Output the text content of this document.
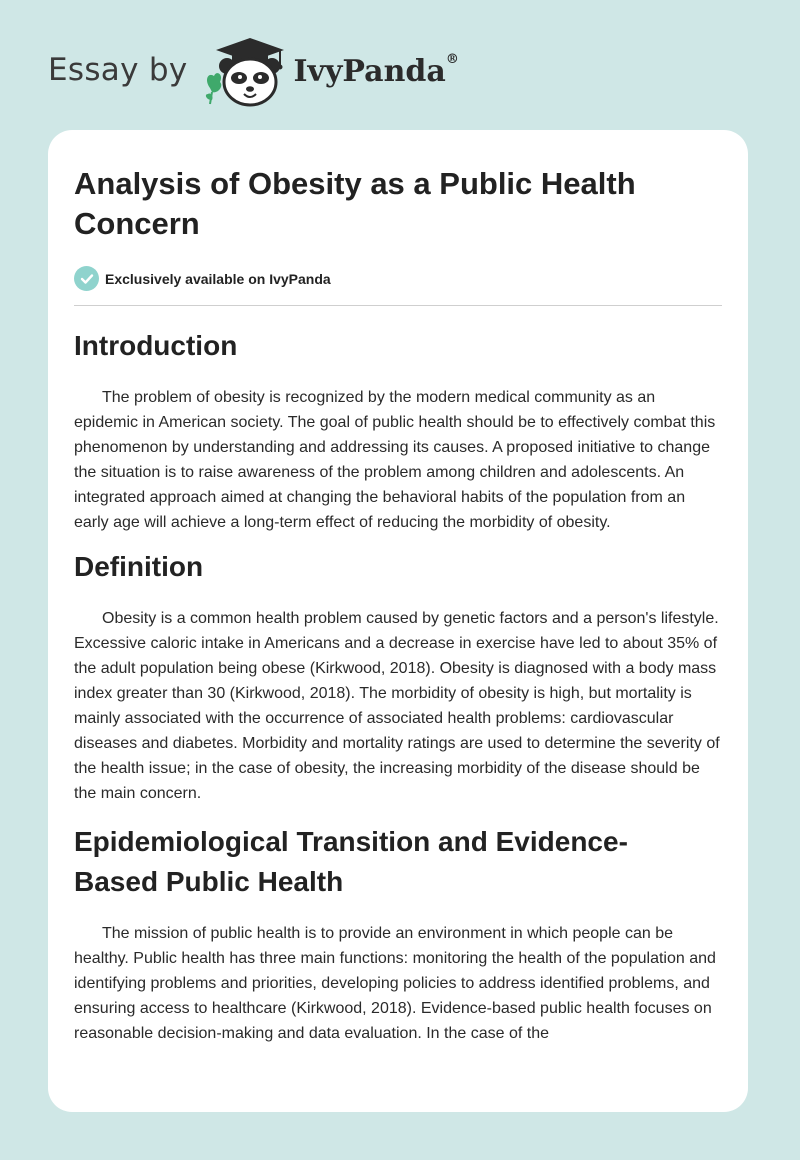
Essay by	IvyPanda®
Analysis of Obesity as a Public Health Concern
Exclusively available on IvyPanda
Introduction

The problem of obesity is recognized by the modern medical community as an epidemic in American society. The goal of public health should be to effectively combat this phenomenon by understanding and addressing its causes. A proposed initiative to change the situation is to raise awareness of the problem among children and adolescents. An integrated approach aimed at changing the behavioral habits of the population from an early age will achieve a long-term effect of reducing the morbidity of obesity.

Definition

Obesity is a common health problem caused by genetic factors and a person's lifestyle. Excessive caloric intake in Americans and a decrease in exercise have led to about 35% of the adult population being obese (Kirkwood, 2018). Obesity is diagnosed with a body mass index greater than 30 (Kirkwood, 2018). The morbidity of obesity is high, but mortality is mainly associated with the occurrence of associated health problems: cardiovascular diseases and diabetes. Morbidity and mortality ratings are used to determine the severity of the health issue; in the case of obesity, the increasing morbidity of the disease should be the main concern.

Epidemiological Transition and Evidence-Based Public Health

The mission of public health is to provide an environment in which people can be healthy. Public health has three main functions: monitoring the health of the population and identifying problems and priorities, developing policies to address identified problems, and ensuring access to healthcare (Kirkwood, 2018). Evidence-based public health focuses on reasonable decision-making and data evaluation. In the case of the
